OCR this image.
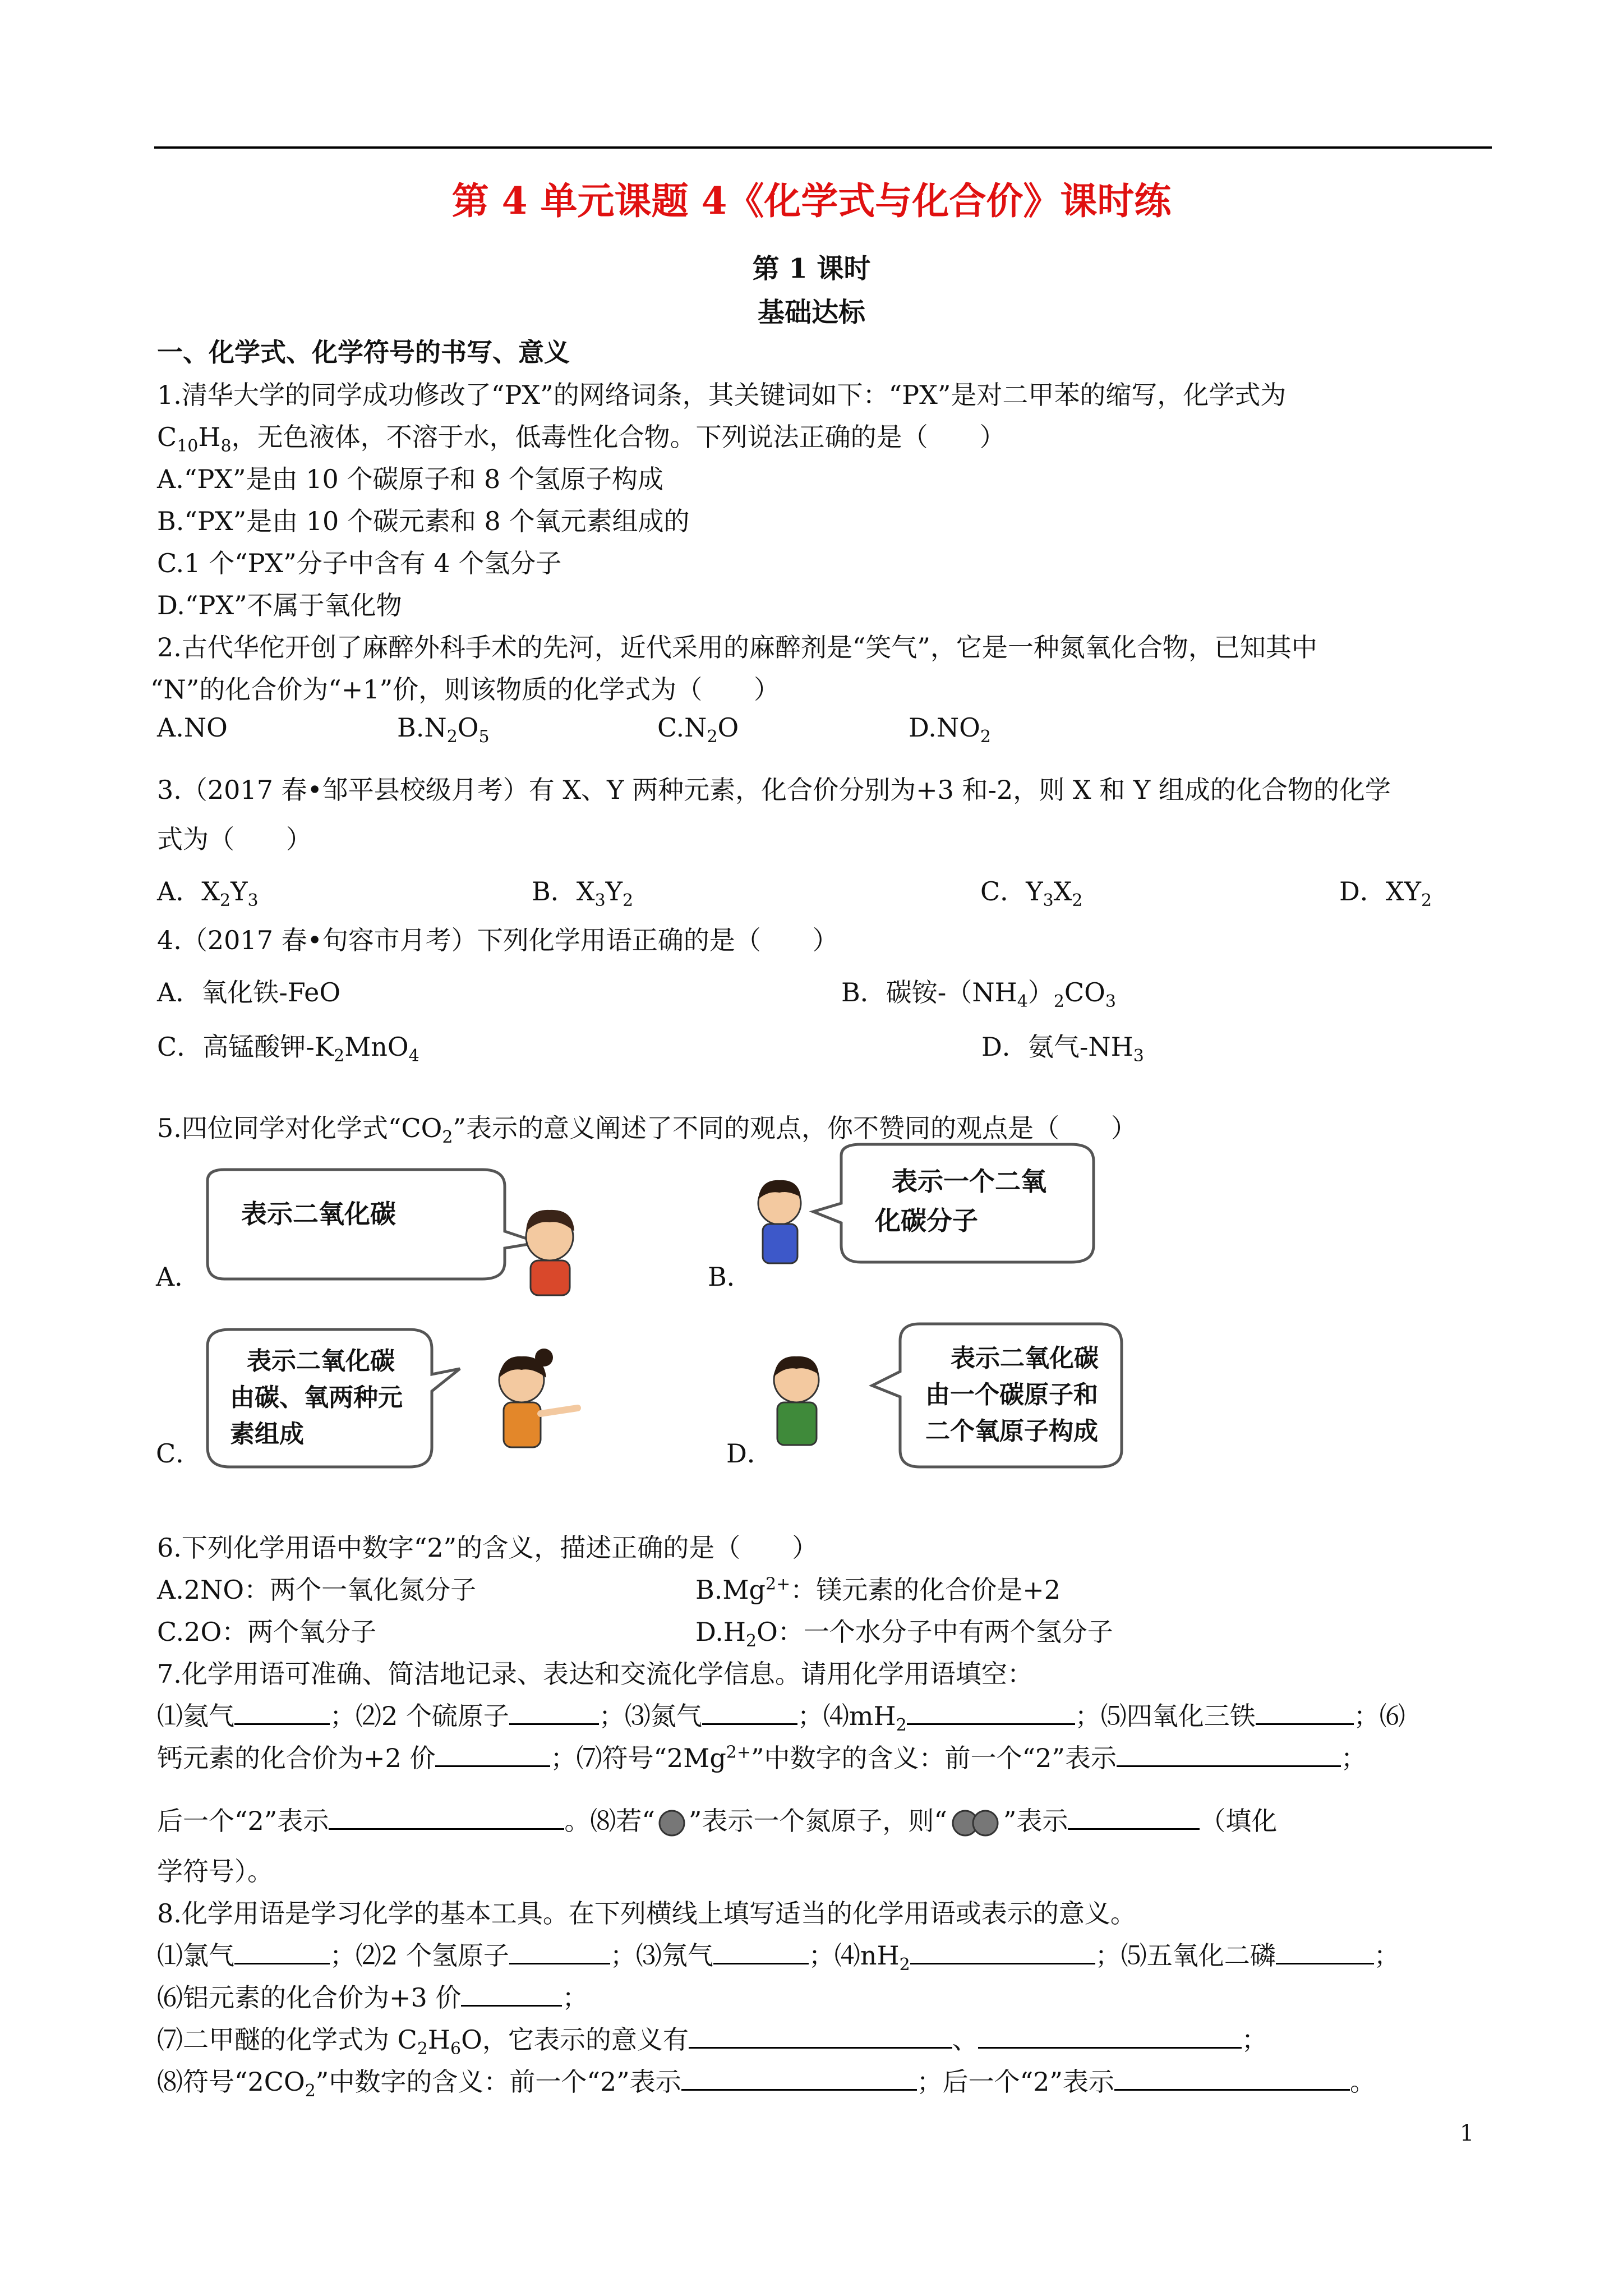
第 4 单元课题 4《化学式与化合价》课时练
第 1 课时
基础达标
一、化学式、化学符号的书写、意义
1.清华大学的同学成功修改了“PX”的网络词条，其关键词如下：“PX”是对二甲苯的缩写，化学式为
$C_{10}H_8$，无色液体，不溶于水，低毒性化合物。下列说法正确的是（　　）
A.“PX”是由 10 个碳原子和 8 个氢原子构成
B.“PX”是由 10 个碳元素和 8 个氧元素组成的
C.1 个“PX”分子中含有 4 个氢分子
D.“PX”不属于氧化物
2.古代华佗开创了麻醉外科手术的先河，近代采用的麻醉剂是“笑气”，它是一种氮氧化合物，已知其中
“N”的化合价为“+1”价，则该物质的化学式为（　　）
A.NO	$B.N_2O_5$	$C.N_2O$	$D.NO_2$
3.（2017 春•邹平县校级月考）有 X、Y 两种元素，化合价分别为+3 和-2，则 X 和 Y 组成的化合物的化学
式为（　　）
A．$X_2Y_3$	B．$X_3Y_2$	C．$Y_3X_2$	D．$XY_2$
4.（2017 春•句容市月考）下列化学用语正确的是（　　）
A．氧化铁-FeO	B．碳铵$-(NH_4)_2CO_3$
C．高锰酸钾$-K_2MnO_4$	D．氨气$-NH_3$
5.四位同学对化学式“$CO_2$”表示的意义阐述了不同的观点，你不赞同的观点是（　　）
表示二氧化碳
A．
表示一个二氧
化碳分子
B．
表示二氧化碳
由碳、氧两种元
素组成
C．
表示二氧化碳
由一个碳原子和
二个氧原子构成
D．
6.下列化学用语中数字“2”的含义，描述正确的是（　　）
A.2NO：两个一氧化氮分子	$B.Mg^{2+}$：镁元素的化合价是+2
C.2O：两个氧分子	$D.H_2O$：一个水分子中有两个氢分子
7.化学用语可准确、简洁地记录、表达和交流化学信息。请用化学用语填空：
⑴氦气	；⑵2 个硫原子	；⑶氮气	；$⑷mH_2$	；⑸四氧化三铁	；⑹
钙元素的化合价为+2 价	；⑺符号“$2Mg^{2+}$”中数字的含义：前一个“2”表示	；
后一个“2”表示	。⑻若“ ”表示一个氮原子，则“ ”表示	（填化
学符号）。
8.化学用语是学习化学的基本工具。在下列横线上填写适当的化学用语或表示的意义。
⑴氯气	；⑵2 个氢原子	；⑶氖气	；$⑷nH_2$	；⑸五氧化二磷	；
⑹铝元素的化合价为+3 价	；
⑺二甲醚的化学式为 $C_2H_6O$，它表示的意义有	、	；
⑻符号“$2CO_2$”中数字的含义：前一个“2”表示	；后一个“2”表示	。
1
